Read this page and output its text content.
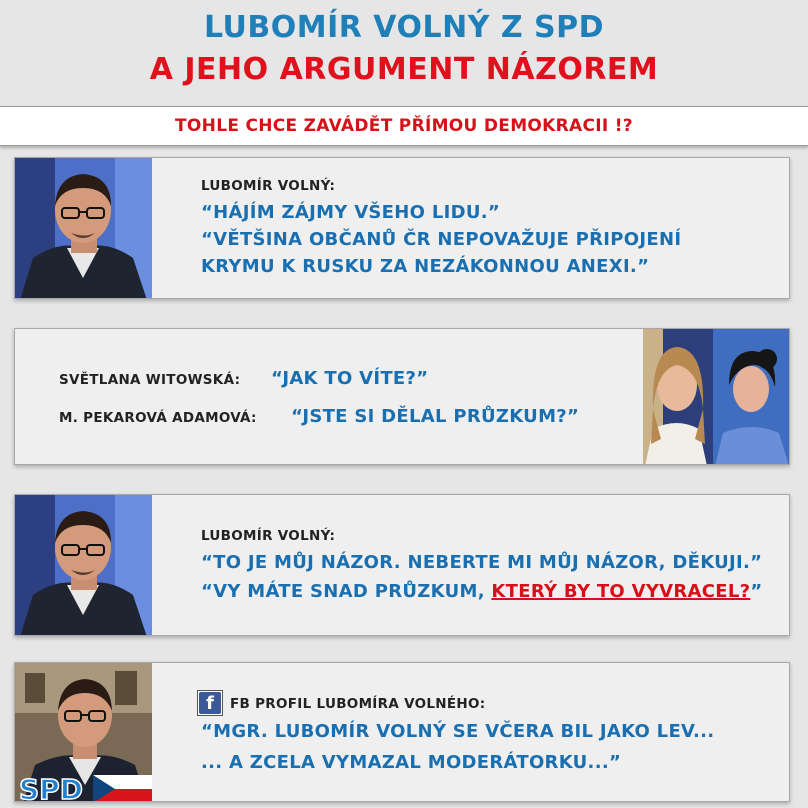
LUBOMÍR VOLNÝ Z SPD
A JEHO ARGUMENT NÁZOREM
TOHLE CHCE ZAVÁDĚT PŘÍMOU DEMOKRACII !?
LUBOMÍR VOLNÝ:
“HÁJÍM ZÁJMY VŠEHO LIDU.”
“VĚTŠINA OBČANŮ ČR NEPOVAŽUJE PŘIPOJENÍ
KRYMU K RUSKU ZA NEZÁKONNOU ANEXI.”
SVĚTLANA WITOWSKÁ: “JAK TO VÍTE?”
M. PEKAROVÁ ADAMOVÁ: “JSTE SI DĚLAL PRŮZKUM?”
LUBOMÍR VOLNÝ:
“TO JE MŮJ NÁZOR. NEBERTE MI MŮJ NÁZOR, DĚKUJI.”
“VY MÁTE SNAD PRŮZKUM, KTERÝ BY TO VYVRACEL?”
SPD
f	FB PROFIL LUBOMÍRA VOLNÉHO:
“MGR. LUBOMÍR VOLNÝ SE VČERA BIL JAKO LEV...
... A ZCELA VYMAZAL MODERÁTORKU...”
